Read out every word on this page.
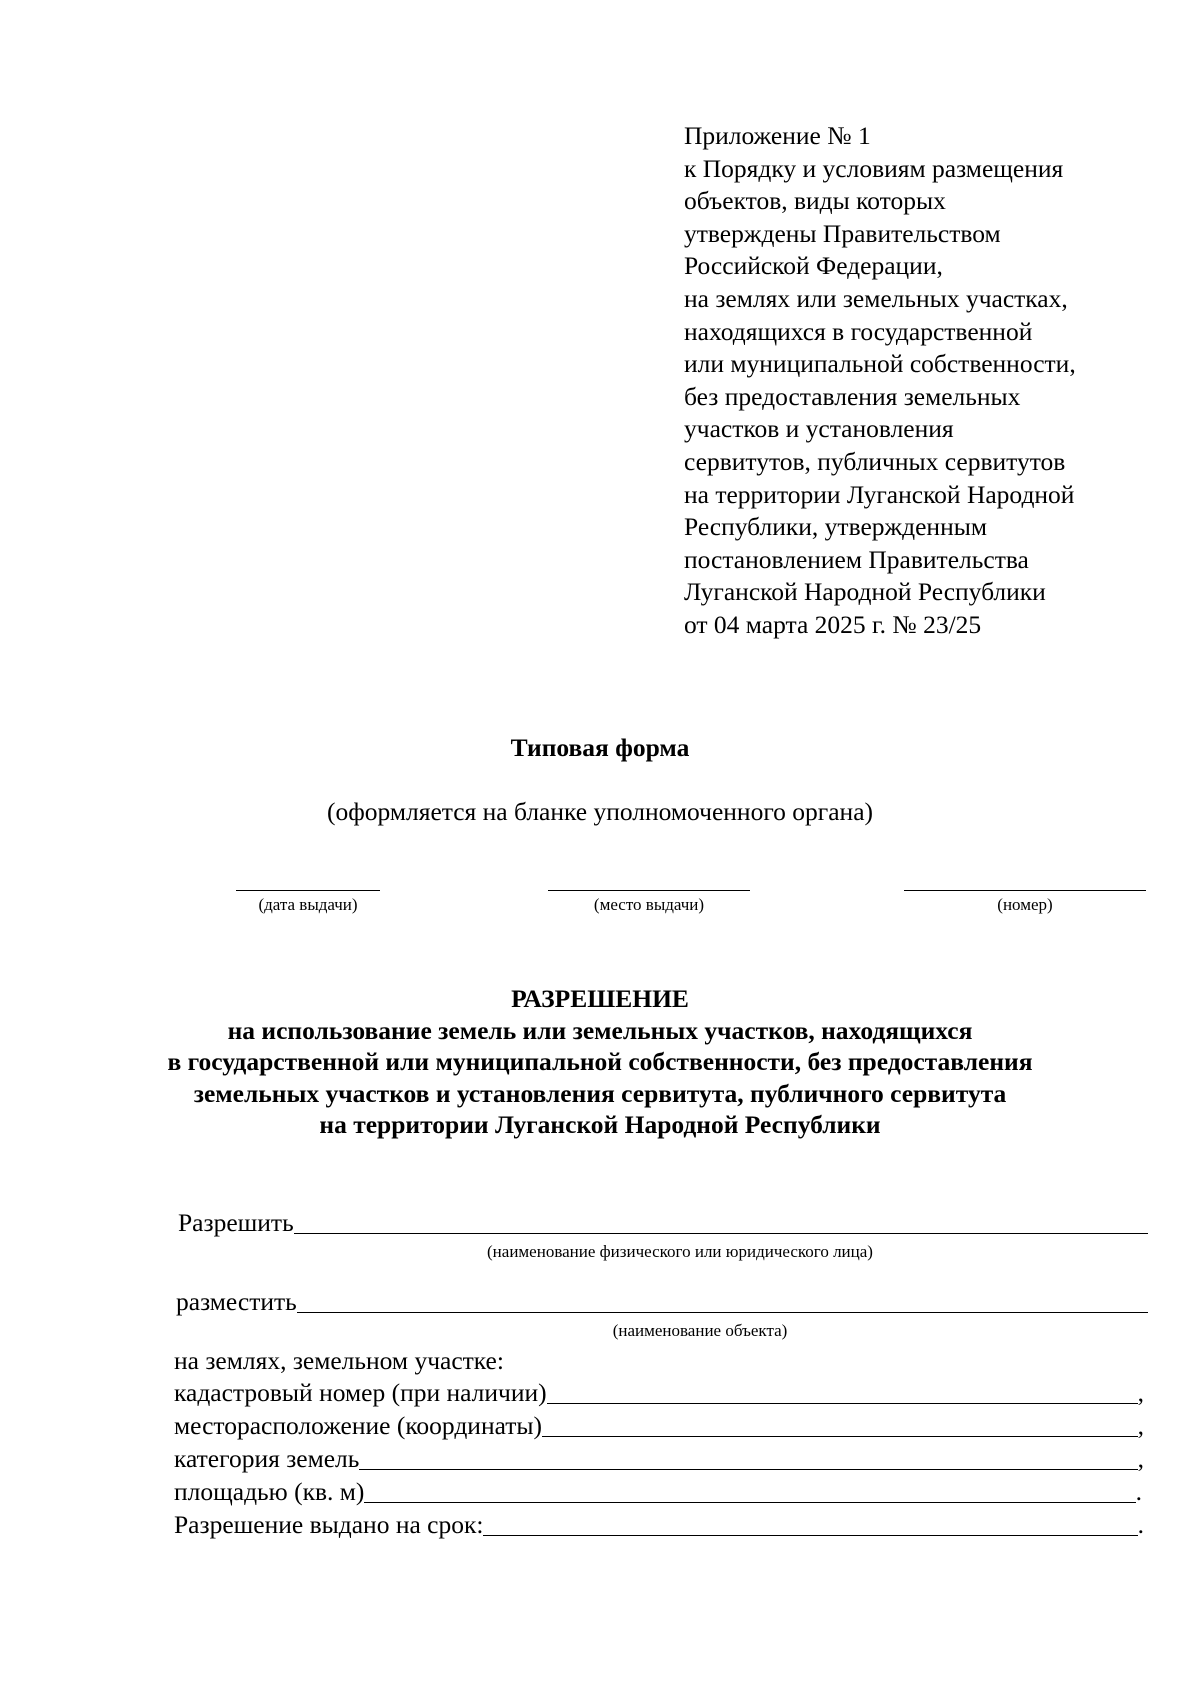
Приложение № 1
к Порядку и условиям размещения
объектов, виды которых
утверждены Правительством
Российской Федерации,
на землях или земельных участках,
находящихся в государственной
или муниципальной собственности,
без предоставления земельных
участков и установления
сервитутов, публичных сервитутов
на территории Луганской Народной
Республики, утвержденным
постановлением Правительства
Луганской Народной Республики
от 04 марта 2025 г. № 23/25
Типовая форма
(оформляется на бланке уполномоченного органа)
(дата выдачи)	(место выдачи)	(номер)
РАЗРЕШЕНИЕ
на использование земель или земельных участков, находящихся
в государственной или муниципальной собственности, без предоставления
земельных участков и установления сервитута, публичного сервитута
на территории Луганской Народной Республики
Разрешить
(наименование физического или юридического лица)
разместить
(наименование объекта)
на землях, земельном участке:
кадастровый номер (при наличии)	,
месторасположение (координаты)	,
категория земель	,
площадью (кв. м)	.
Разрешение выдано на срок:	.
